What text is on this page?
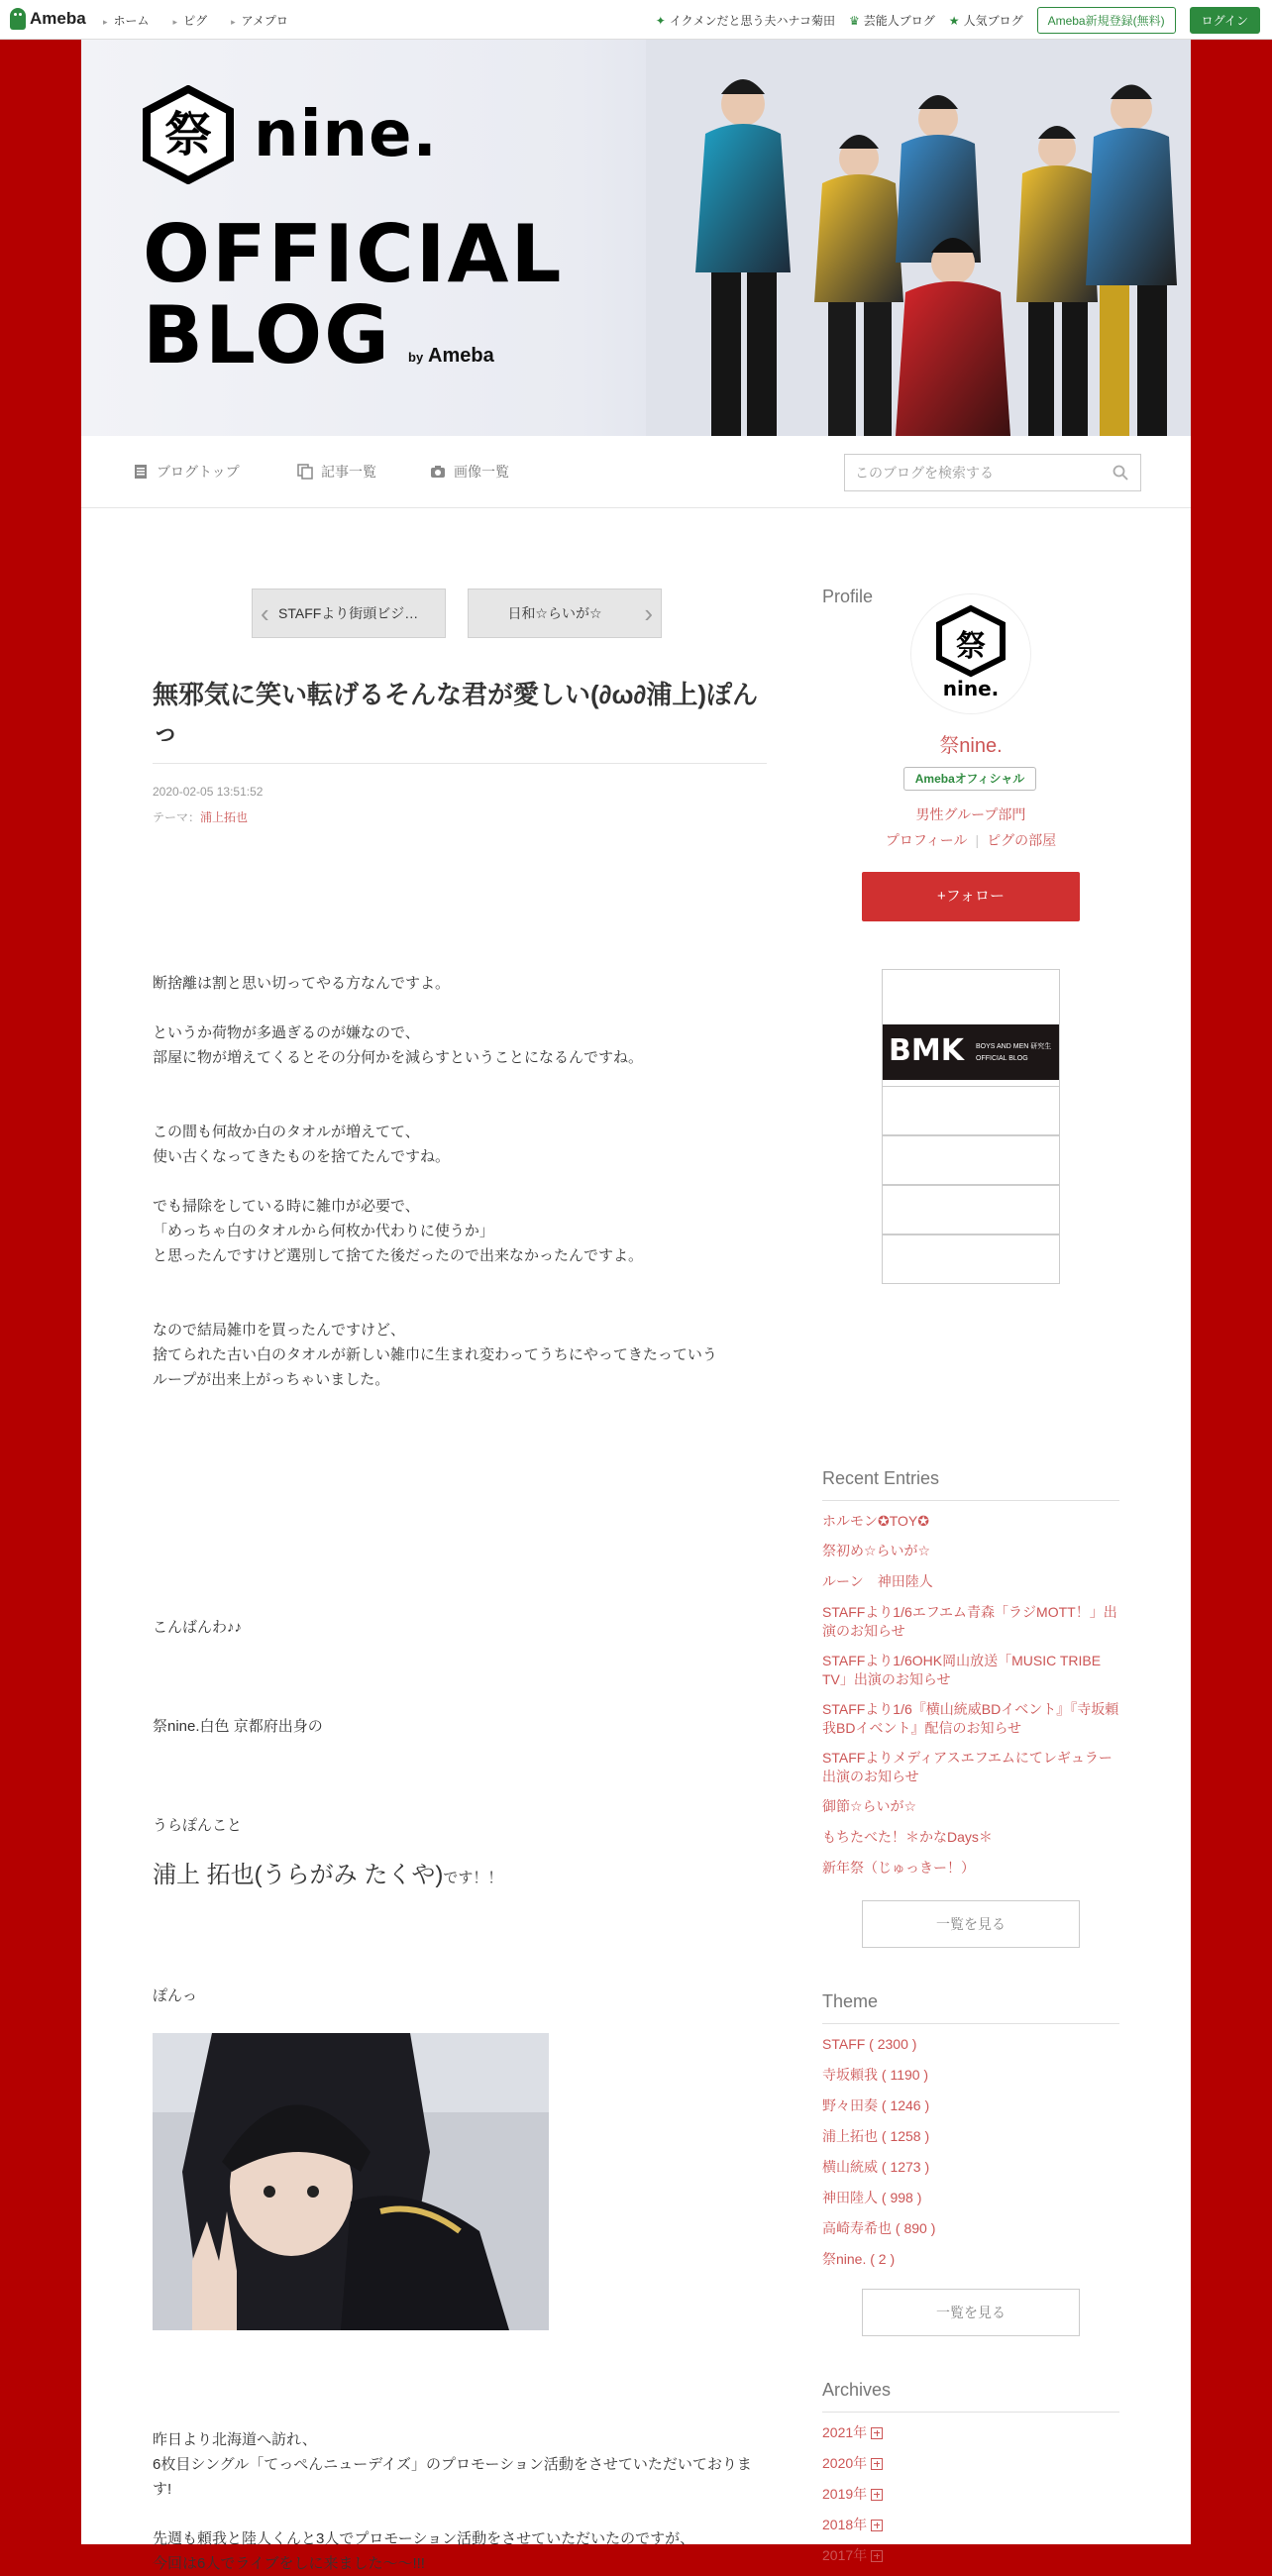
Ameba	▸ ホーム	▸ ピグ	▸ アメプロ	✦ イクメンだと思う夫ハナコ菊田 ♛ 芸能人ブログ ★ 人気ブログ	Ameba新規登録(無料)	ログイン
祭 nine.
OFFICIAL
BLOG	by Ameba
ブログトップ	記事一覧	画像一覧
このブログを検索する
‹ STAFFより街頭ビジ…	日和☆らいが☆ ›
無邪気に笑い転げるそんな君が愛しい(∂ω∂浦上)ぽんっ
2020-02-05 13:51:52
テーマ：浦上拓也

断捨離は割と思い切ってやる方なんですよ。

というか荷物が多過ぎるのが嫌なので、

部屋に物が増えてくるとその分何かを減らすということになるんですね。

この間も何故か白のタオルが増えてて、

使い古くなってきたものを捨てたんですね。

でも掃除をしている時に雑巾が必要で、

「めっちゃ白のタオルから何枚か代わりに使うか」

と思ったんですけど選別して捨てた後だったので出来なかったんですよ。

なので結局雑巾を買ったんですけど、

捨てられた古い白のタオルが新しい雑巾に生まれ変わってうちにやってきたっていう

ループが出来上がっちゃいました。

こんばんわ♪♪

祭nine.白色 京都府出身の

うらぽんこと

浦上 拓也(うらがみ たくや)です！！

ぽんっ

昨日より北海道へ訪れ、

6枚目シングル「てっぺんニューデイズ」のプロモーション活動をさせていただいております!

先週も頼我と陸人くんと3人でプロモーション活動をさせていただいたのですが、

今回は6人でライブをしに来ました〜〜!!!

Profile
祭
nine.
祭nine.
Amebaオフィシャル
男性グループ部門
プロフィール | ピグの部屋
+フォロー
BMK BOYS AND MEN 研究生
OFFICIAL BLOG
Recent Entries
ホルモン✪TOY✪
祭初め☆らいが☆
ルーン　神田陸人
STAFFより1/6エフエム青森「ラジMOTT！」出演のお知らせ
STAFFより1/6OHK岡山放送「MUSIC TRIBE TV」出演のお知らせ
STAFFより1/6『横山統威BDイベント』『寺坂頼我BDイベント』配信のお知らせ
STAFFよりメディアスエフエムにてレギュラー出演のお知らせ
御節☆らいが☆
もちたべた！＊かなDays＊
新年祭（じゅっきー！）
一覧を見る
Theme
STAFF ( 2300 )
寺坂頼我 ( 1190 )
野々田奏 ( 1246 )
浦上拓也 ( 1258 )
横山統威 ( 1273 )
神田陸人 ( 998 )
高崎寿希也 ( 890 )
祭nine. ( 2 )
一覧を見る
Archives
2021年
2020年
2019年
2018年
2017年
